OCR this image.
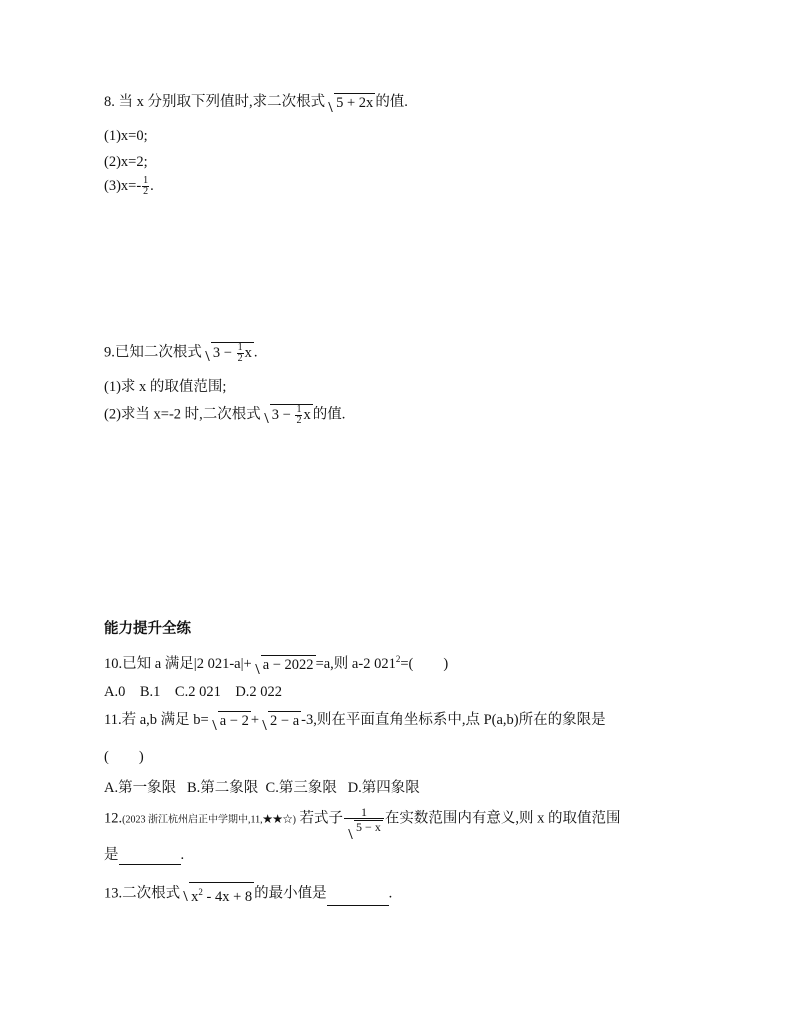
8. 当 x 分别取下列值时,求二次根式 5 + 2x 的值.
(1)x=0;
(2)x=2;
$(3)x=- \frac{1}{2}$ .
9.已知二次根式 $3 - \frac{1}{2}$ x .
(1)求 x 的取值范围;
(2)求当 x=-2 时,二次根式 $3 - \frac{1}{2}$ x 的值.
能力提升全练
10.已知 a 满足|2 021-a|+ a − 2022 =a,则 a-2 $021^2=$( )
A.0    B.1    C.2 021    D.2 022
11.若 a,b 满足 b= a − 2 + 2 − a -3,则在平面直角坐标系中,点 P(a,b)所在的象限是
( )
A.第一象限   B.第二象限  C.第三象限   D.第四象限
12.(2023 浙江杭州启正中学期中,11,★★☆) 若式子 $\frac{1}{5 - x}$ 在实数范围内有意义,则 x 的取值范围
是	.
13.二次根式 $x^2 - 4x + 8$ 的最小值是	.
